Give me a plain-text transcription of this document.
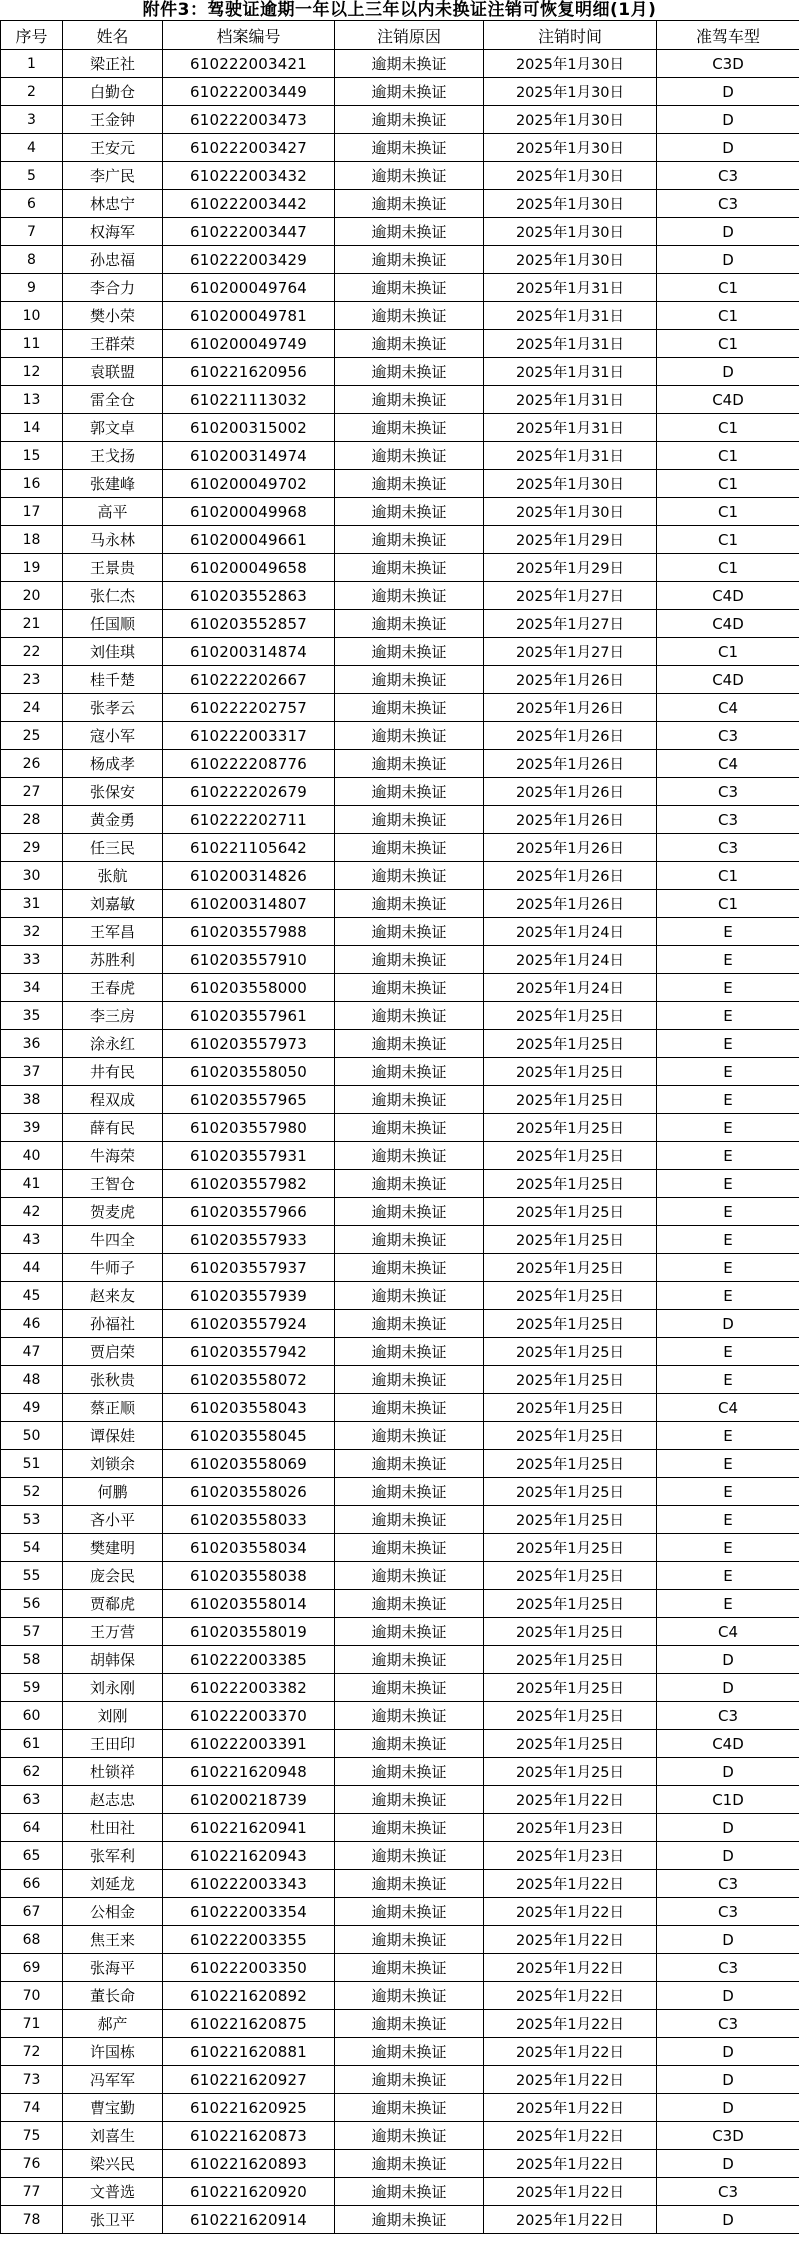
附件3：驾驶证逾期一年以上三年以内未换证注销可恢复明细(1月)
序号	姓名	档案编号	注销原因	注销时间	准驾车型
1	梁正社	610222003421	逾期未换证	2025年1月30日	C3D
2	白勤仓	610222003449	逾期未换证	2025年1月30日	D
3	王金钟	610222003473	逾期未换证	2025年1月30日	D
4	王安元	610222003427	逾期未换证	2025年1月30日	D
5	李广民	610222003432	逾期未换证	2025年1月30日	C3
6	林忠宁	610222003442	逾期未换证	2025年1月30日	C3
7	权海军	610222003447	逾期未换证	2025年1月30日	D
8	孙忠福	610222003429	逾期未换证	2025年1月30日	D
9	李合力	610200049764	逾期未换证	2025年1月31日	C1
10	樊小荣	610200049781	逾期未换证	2025年1月31日	C1
11	王群荣	610200049749	逾期未换证	2025年1月31日	C1
12	袁联盟	610221620956	逾期未换证	2025年1月31日	D
13	雷全仓	610221113032	逾期未换证	2025年1月31日	C4D
14	郭文卓	610200315002	逾期未换证	2025年1月31日	C1
15	王戈扬	610200314974	逾期未换证	2025年1月31日	C1
16	张建峰	610200049702	逾期未换证	2025年1月30日	C1
17	高平	610200049968	逾期未换证	2025年1月30日	C1
18	马永林	610200049661	逾期未换证	2025年1月29日	C1
19	王景贵	610200049658	逾期未换证	2025年1月29日	C1
20	张仁杰	610203552863	逾期未换证	2025年1月27日	C4D
21	任国顺	610203552857	逾期未换证	2025年1月27日	C4D
22	刘佳琪	610200314874	逾期未换证	2025年1月27日	C1
23	桂千楚	610222202667	逾期未换证	2025年1月26日	C4D
24	张孝云	610222202757	逾期未换证	2025年1月26日	C4
25	寇小军	610222003317	逾期未换证	2025年1月26日	C3
26	杨成孝	610222208776	逾期未换证	2025年1月26日	C4
27	张保安	610222202679	逾期未换证	2025年1月26日	C3
28	黄金勇	610222202711	逾期未换证	2025年1月26日	C3
29	任三民	610221105642	逾期未换证	2025年1月26日	C3
30	张航	610200314826	逾期未换证	2025年1月26日	C1
31	刘嘉敏	610200314807	逾期未换证	2025年1月26日	C1
32	王军昌	610203557988	逾期未换证	2025年1月24日	E
33	苏胜利	610203557910	逾期未换证	2025年1月24日	E
34	王春虎	610203558000	逾期未换证	2025年1月24日	E
35	李三房	610203557961	逾期未换证	2025年1月25日	E
36	涂永红	610203557973	逾期未换证	2025年1月25日	E
37	井有民	610203558050	逾期未换证	2025年1月25日	E
38	程双成	610203557965	逾期未换证	2025年1月25日	E
39	薛有民	610203557980	逾期未换证	2025年1月25日	E
40	牛海荣	610203557931	逾期未换证	2025年1月25日	E
41	王智仓	610203557982	逾期未换证	2025年1月25日	E
42	贺麦虎	610203557966	逾期未换证	2025年1月25日	E
43	牛四全	610203557933	逾期未换证	2025年1月25日	E
44	牛师子	610203557937	逾期未换证	2025年1月25日	E
45	赵来友	610203557939	逾期未换证	2025年1月25日	E
46	孙福社	610203557924	逾期未换证	2025年1月25日	D
47	贾启荣	610203557942	逾期未换证	2025年1月25日	E
48	张秋贵	610203558072	逾期未换证	2025年1月25日	E
49	蔡正顺	610203558043	逾期未换证	2025年1月25日	C4
50	谭保娃	610203558045	逾期未换证	2025年1月25日	E
51	刘锁余	610203558069	逾期未换证	2025年1月25日	E
52	何鹏	610203558026	逾期未换证	2025年1月25日	E
53	吝小平	610203558033	逾期未换证	2025年1月25日	E
54	樊建明	610203558034	逾期未换证	2025年1月25日	E
55	庞会民	610203558038	逾期未换证	2025年1月25日	E
56	贾郗虎	610203558014	逾期未换证	2025年1月25日	E
57	王万营	610203558019	逾期未换证	2025年1月25日	C4
58	胡韩保	610222003385	逾期未换证	2025年1月25日	D
59	刘永刚	610222003382	逾期未换证	2025年1月25日	D
60	刘刚	610222003370	逾期未换证	2025年1月25日	C3
61	王田印	610222003391	逾期未换证	2025年1月25日	C4D
62	杜锁祥	610221620948	逾期未换证	2025年1月25日	D
63	赵志忠	610200218739	逾期未换证	2025年1月22日	C1D
64	杜田社	610221620941	逾期未换证	2025年1月23日	D
65	张军利	610221620943	逾期未换证	2025年1月23日	D
66	刘延龙	610222003343	逾期未换证	2025年1月22日	C3
67	公相金	610222003354	逾期未换证	2025年1月22日	C3
68	焦王来	610222003355	逾期未换证	2025年1月22日	D
69	张海平	610222003350	逾期未换证	2025年1月22日	C3
70	董长命	610221620892	逾期未换证	2025年1月22日	D
71	郝产	610221620875	逾期未换证	2025年1月22日	C3
72	许国栋	610221620881	逾期未换证	2025年1月22日	D
73	冯军军	610221620927	逾期未换证	2025年1月22日	D
74	曹宝勤	610221620925	逾期未换证	2025年1月22日	D
75	刘喜生	610221620873	逾期未换证	2025年1月22日	C3D
76	梁兴民	610221620893	逾期未换证	2025年1月22日	D
77	文普选	610221620920	逾期未换证	2025年1月22日	C3
78	张卫平	610221620914	逾期未换证	2025年1月22日	D
